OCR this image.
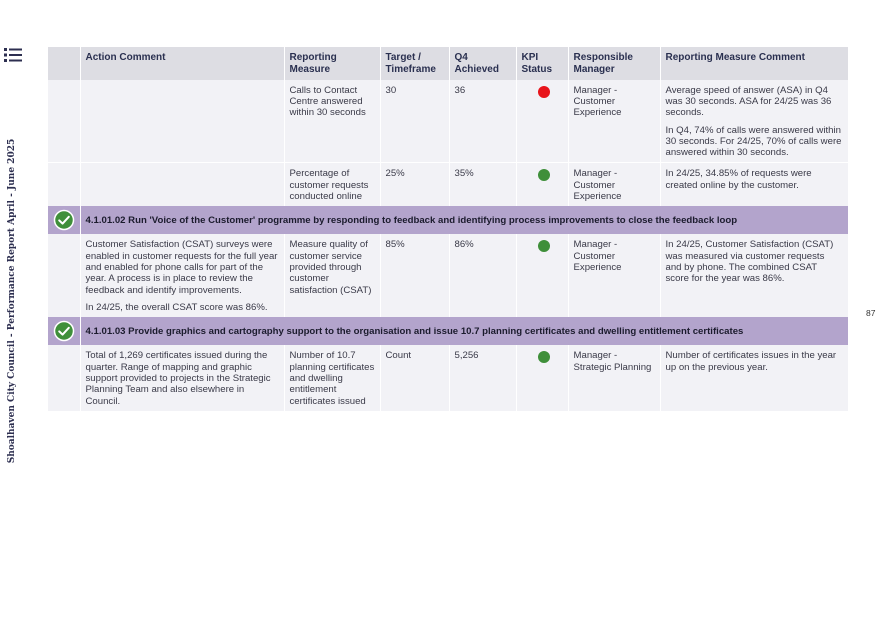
Shoalhaven City Council - Performance Report April - June 2025	87
	Action Comment	Reporting Measure	Target / Timeframe	Q4 Achieved	KPI Status	Responsible Manager	Reporting Measure Comment
		Calls to Contact Centre answered within 30 seconds	30	36		Manager - Customer Experience	Average speed of answer (ASA) in Q4 was 30 seconds. ASA for 24/25 was 36 seconds.

In Q4, 74% of calls were answered within 30 seconds. For 24/25, 70% of calls were answered within 30 seconds.

		Percentage of customer requests conducted online	25%	35%		Manager - Customer Experience	In 24/25, 34.85% of requests were created online by the customer.

	4.1.01.02 Run 'Voice of the Customer' programme by responding to feedback and identifying process improvements to close the feedback loop						

	Customer Satisfaction (CSAT) surveys were enabled in customer requests for the full year and enabled for phone calls for part of the year. A process is in place to review the feedback and identify improvements.

In 24/25, the overall CSAT score was 86%.	Measure quality of customer service provided through customer satisfaction (CSAT)	85%	86%		Manager - Customer Experience	In 24/25, Customer Satisfaction (CSAT) was measured via customer requests and by phone. The combined CSAT score for the year was 86%.

	4.1.01.03 Provide graphics and cartography support to the organisation and issue 10.7 planning certificates and dwelling entitlement certificates						

	Total of 1,269 certificates issued during the quarter. Range of mapping and graphic support provided to projects in the Strategic Planning Team and also elsewhere in Council.	Number of 10.7 planning certificates and dwelling entitlement certificates issued	Count	5,256		Manager - Strategic Planning	Number of certificates issues in the year up on the previous year.
